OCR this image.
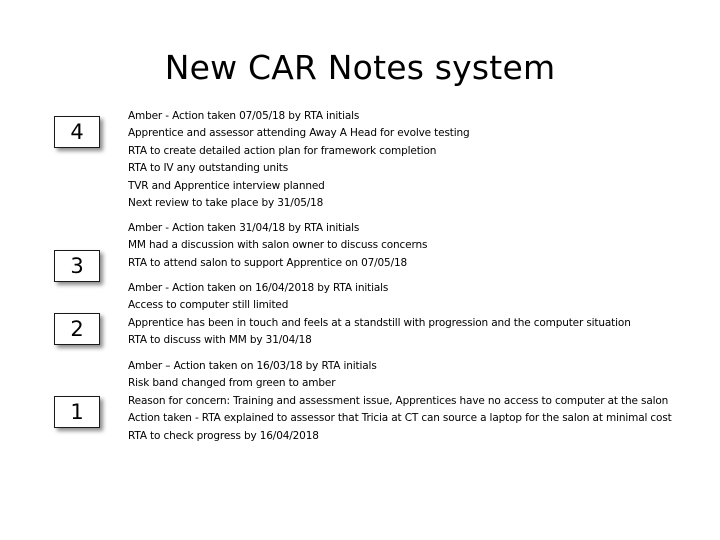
New CAR Notes system
4
Amber - Action taken 07/05/18 by RTA initials
Apprentice and assessor attending Away A Head for evolve testing
RTA to create detailed action plan for framework completion
RTA to IV any outstanding units
TVR and Apprentice interview planned
Next review to take place by 31/05/18
3
Amber - Action taken 31/04/18 by RTA initials
MM had a discussion with salon owner to discuss concerns
RTA to attend salon to support Apprentice on 07/05/18
2
Amber - Action taken on 16/04/2018 by RTA initials
Access to computer still limited
Apprentice has been in touch and feels at a standstill with progression and the computer situation
RTA to discuss with MM by 31/04/18
1
Amber – Action taken on 16/03/18 by RTA initials
Risk band changed from green to amber
Reason for concern: Training and assessment issue, Apprentices have no access to computer at the salon
Action taken - RTA explained to assessor that Tricia at CT can source a laptop for the salon at minimal cost
RTA to check progress by 16/04/2018
